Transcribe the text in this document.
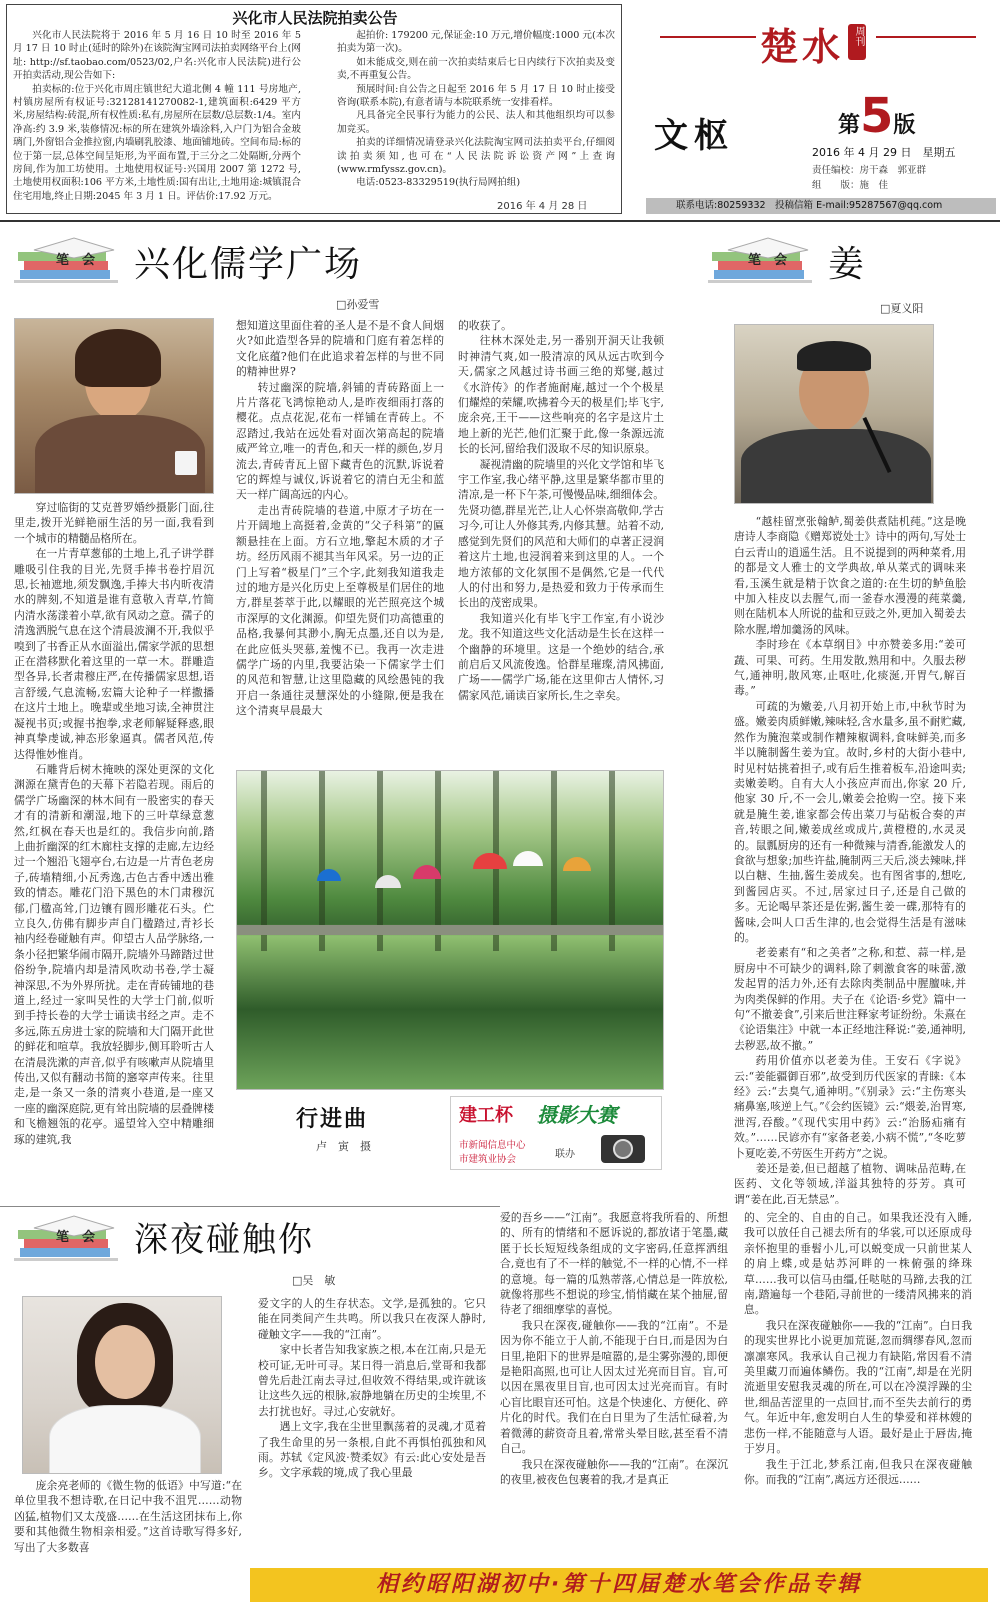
兴化市人民法院拍卖公告

兴化市人民法院将于 2016 年 5 月 16 日 10 时至 2016 年 5 月 17 日 10 时止(延时的除外)在该院淘宝网司法拍卖网络平台上(网址: http://sf.taobao.com/0523/02,户名:兴化市人民法院)进行公开拍卖活动,现公告如下:

拍卖标的:位于兴化市周庄镇世纪大道北侧 4 幢 111 号房地产,村镇房屋所有权证号:32128141270082-1,建筑面积:6429 平方米,房屋结构:砖混,所有权性质:私有,房屋所在层数/总层数:1/4。室内净高:约 3.9 米,装修情况:标的所在建筑外墙涂料,入户门为铝合金玻璃门,外窗铝合金推拉窗,内墙刷乳胶漆、地面铺地砖。空间布局:标的位于第一层,总体空间呈矩形,为平面布置,于三分之二处隔断,分两个房间,作为加工坊使用。土地使用权证号:兴国用 2007 第 1272 号,土地使用权面积:106 平方米,土地性质:国有出让,土地用途:城镇混合住宅用地,终止日期:2045 年 3 月 1 日。评估价:17.92 万元。

起拍价: 179200 元,保证金:10 万元,增价幅度:1000 元(本次拍卖为第一次)。

如未能成交,则在前一次拍卖结束后七日内续行下次拍卖及变卖,不再重复公告。

预展时间:自公告之日起至 2016 年 5 月 17 日 10 时止接受咨询(联系本院),有意者请与本院联系统一安排看样。

凡具备完全民事行为能力的公民、法人和其他组织均可以参加竞买。

拍卖的详细情况请登录兴化法院淘宝网司法拍卖平台,仔细阅读拍卖须知,也可在“人民法院诉讼资产网”上查询(www.rmfyssz.gov.cn)。

电话:0523-83329519(执行局网拍组)

2016 年 4 月 28 日
楚水 周刊
文枢	第5版
2016 年 4 月 29 日　星期五
责任编校：房干森　郭亚群
组　　版：施　佳
联系电话:80259332　投稿信箱 E-mail:95287567@qq.com
笔　会 兴化儒学广场
□孙爱雪

穿过临街的艾克普罗婚纱摄影门面,往里走,拨开光鲜艳丽生活的另一面,我看到一个城市的精髓品格所在。

在一片青草葱郁的土地上,孔子讲学群雕吸引住我的目光,先贤手捧书卷拧眉沉思,长袖遮地,须发飘逸,手捧大书内昕夜清水的牌刻,不知道是谁有意敬入青草,竹简内清水荡漾着小草,欲有风动之意。孺子的清逸洒脱气息在这个清晨波澜不开,我似乎嗅到了书香正从水面溢出,儒家学派的思想正在潜移默化着这里的一草一木。群雕造型各异,长者肃穆庄严,在传播儒家思想,语言舒缓,气息流畅,宏篇大论种子一样撒播在这片土地上。晚辈或坐地习读,全神贯注凝视书页;或握书抱拳,求老师解疑释惑,眼神真挚虔诚,神态形象逼真。儒者风范,传达得惟妙惟肖。

石雕背后树木掩映的深处更深的文化渊源在黛青色的天幕下若隐若现。雨后的儒学广场幽深的林木间有一股密实的春天才有的清新和潮湿,地下的三叶草绿意葱然,红枫在春天也是红的。我信步向前,踏上曲折幽深的红木廊柱支撑的走廊,左边经过一个翘沿飞翅亭台,右边是一片青色老房子,砖墙精细,小瓦秀逸,古色古香中透出雅致的情态。雕花门沿下黑色的木门肃穆沉郁,门楹高耸,门边镶有圆形雕花石头。伫立良久,仿佛有脚步声自门楹踏过,青衫长袖内经卷碰触有声。仰望古人品学脉络,一条小径把繁华闹市隔开,院墙外马蹄踏过世俗纷争,院墙内却是清风吹动书卷,学士凝神深思,不为外界所扰。走在青砖铺地的巷道上,经过一家叫吴性的大学士门前,似听到手持长卷的大学士诵读书经之声。走不多远,陈五房进士家的院墙和大门隔开此世的鲜花和喧草。我放轻脚步,侧耳聆听古人在清晨洗漱的声音,似乎有咳嗽声从院墙里传出,又似有翻动书简的窸窣声传来。往里走,是一条又一条的清爽小巷道,是一座又一座的幽深庭院,更有耸出院墙的层叠牌楼和飞檐翘瓴的花亭。遥望耸入空中精雕细琢的建筑,我

想知道这里面住着的圣人是不是不食人间烟火?如此造型各异的院墙和门庭有着怎样的文化底蕴?他们在此追求着怎样的与世不同的精神世界?

转过幽深的院墙,斜铺的青砖路面上一片片落花飞鸿惊艳动人,是昨夜细雨打落的樱花。点点花泥,花布一样铺在青砖上。不忍踏过,我站在远处看对面次第高起的院墙威严耸立,唯一的青色,和天一样的颜色,岁月流去,青砖青瓦上留下藏青色的沉默,诉说着它的辉煌与诚仪,诉说着它的清白无尘和蓝天一样广阔高远的内心。

走出青砖院墙的巷道,中原才子坊在一片开阔地上高挺着,金黄的“父子科第”的匾额悬挂在上面。方石立地,擎起木质的才子坊。经历风雨不褪其当年风采。另一边的正门上写着“极星门”三个字,此刻我知道我走过的地方是兴化历史上至尊极星们居住的地方,群星荟萃于此,以耀眼的光芒照亮这个城市深厚的文化渊源。仰望先贤们功高德重的品格,我暴何其渺小,胸无点墨,还自以为是,在此应低头哭慕,羞愧不已。我再一次走进儒学广场的内里,我要沾染一下儒家学士们的风范和智慧,让这里隐藏的风绘愚钝的我开启一条通往灵慧深处的小缝隙,便是我在这个清爽早晨最大

的收获了。

往林木深处走,另一番别开洞天让我顿时神清气爽,如一股清凉的风从远古吹到今天,儒家之风越过诗书画三绝的郑燮,越过《水浒传》的作者施耐庵,越过一个个极星们耀煌的荣耀,吹拂着今天的极星们;毕飞宇,庞余亮,王干——这些响亮的名字是这片土地上新的光芒,他们汇聚于此,像一条源远流长的长河,留给我们汲取不尽的知识原泉。

凝视清幽的院墙里的兴化文学馆和毕飞宇工作室,我心绪平静,这里是繁华都市里的清凉,是一杯下午茶,可慢慢品味,细细体会。先贤功德,群星光芒,让人心怀崇高敬仰,学古习今,可让人外修其秀,内修其慧。站着不动,感觉到先贤们的风范和大师们的卓著正浸润着这片土地,也浸润着来到这里的人。一个地方浓郁的文化氛围不是偶然,它是一代代人的付出和努力,是热爱和致力于传承而生长出的茂密成果。

我知道兴化有毕飞宇工作室,有小说沙龙。我不知道这些文化活动是生长在这样一个幽静的环境里。这是一个绝妙的结合,承前启后又风流俊逸。恰群星璀璨,清风拂面,广场——儒学广场,能在这里仰古人情怀,习儒家风范,诵读百家所长,生之幸矣。

行进曲
卢　寅　摄
建工杯 摄影大赛
市新闻信息中心
市建筑业协会	联办
笔　会 姜
□夏义阳

“越桂留烹张翰鲈,蜀姜供煮陆机莼。”这是晚唐诗人李商隐《赠郑谠处士》诗中的两句,写处士白云青山的逍遥生活。且不说提到的两种菜肴,用的都是文人雅士的文学典故,单从菜式的调味来看,玉溪生就是精于饮食之道的:在生切的鲈鱼脍中加入桂皮以去腥气,而一釜春水漫漫的莼菜羹,则在陆机本人所说的盐和豆豉之外,更加入蜀姜去除水腥,增加羹汤的风味。

李时珍在《本草纲目》中亦赞姜多用:“姜可蔬、可果、可药。生用发散,熟用和中。久服去秽气,通神明,散风寒,止呕吐,化痰涎,开胃气,解百毒。”

可疏的为嫩姜,八月初开始上市,中秋节时为盛。嫩姜肉质鲜嫩,辣味轻,含水量多,虽不耐贮藏,然作为腌泡菜或制作糟辣椒调料,食味鲜美,而多半以腌制酱生姜为宜。故时,乡村的大街小巷中,时见村姑挑着担子,或有后生推着板车,沿途叫卖;卖嫩姜哟。自有大人小孩应声而出,你家 20 斤,他家 30 斤,不一会儿,嫩姜会抢购一空。接下来就是腌生姜,谁家都会传出菜刀与砧板合奏的声音,转眼之间,嫩姜成丝或成片,黄橙橙的,水灵灵的。鼠瓢厨房的还有一种微辣与清香,能激发人的食欲与想象;加些许盐,腌制两三天后,淡去辣味,拌以白糖、生抽,酱生姜成矣。也有图省事的,想吃,到酱园店买。不过,居家过日子,还是自己做的多。无论喝早茶还是佐粥,酱生姜一碟,那特有的酱味,会叫人口舌生津的,也会觉得生活是有滋味的。

老姜素有“和之美者”之称,和惹、蒜一样,是厨房中不可缺少的调料,除了刺激食客的味蕾,激发起胃的活力外,还有去除肉类制品中腥膻味,并为肉类保鲜的作用。夫子在《论语·乡党》篇中一句“不撤姜食”,引来后世注释家考证纷纷。朱熹在《论语集注》中就一本正经地注释说:“姜,通神明,去秽恶,故不撤。”

药用价值亦以老姜为佳。王安石《字说》云:“姜能疆御百邪”,故受到历代医家的青睐:《本经》云:“去臭气,通神明。”《别录》云:“主伤寒头痛鼻塞,咳逆上气。”《会约医镜》云:“煨姜,治胃寒,泄泻,吞酸。”《现代实用中药》云:“治肠疝痛有效。”……民谚亦有“家备老姜,小病不慌”,“冬吃萝卜夏吃姜,不劳医生开药方”之说。

姜还是姜,但已超越了植物、调味品范畴,在医药、文化等领域,洋溢其独特的芬芳。真可谓“姜在此,百无禁忌”。

笔　会 深夜碰触你
□吴　敏

庞余亮老师的《微生物的低语》中写道:“在单位里我不想诗歌,在日记中我不沮咒……动物凶猛,植物们又太茂盛……在生活这团抹布上,你要和其他微生物相亲相爱。”这首诗歌写得多好,写出了大多数喜

爱文字的人的生存状态。文学,是孤独的。它只能在同类间产生共鸣。所以我只在夜深人静时,碰触文字——我的“江南”。

家中长者告知我家族之根,本在江南,只是无校可证,无叶可寻。某日得一消息后,堂哥和我都曾先后赴江南去寻过,但收效不得结果,或许就该让这些久远的根脉,寂静地躺在历史的尘埃里,不去打扰也好。寻过,心安就好。

遇上文字,我在尘世里飘荡着的灵魂,才觅着了我生命里的另一条根,自此不再惧怕孤独和风雨。苏轼《定风波·赞柔奴》有云:此心安处是吾乡。文字承载的境,成了我心里最

爱的吾乡——“江南”。我愿意将我所看的、所想的、所有的情绪和不愿诉说的,都放诸于笔墨,藏匿于长长短短线条组成的文字密码,任意挥洒组合,竟也有了不一样的触觉,不一样的心情,不一样的意境。每一篇的瓜熟蒂落,心情总是一阵放松,就像将那些不想说的珍宝,悄悄藏在某个抽屉,留待老了细细摩挲的喜悦。

我只在深夜,碰触你——我的“江南”。不是因为你不能立于人前,不能现于白日,而是因为白日里,艳阳下的世界是喧嚣的,是尘雾弥漫的,即便是艳阳高照,也可让人因太过光亮而目盲。盲,可以因在黑夜里目盲,也可因太过光亮而盲。有时心盲比眼盲还可怕。这是个快速化、方便化、碎片化的时代。我们在白日里为了生活忙碌着,为着微薄的薪资奇且着,常常头晕目眩,甚至看不清自己。

我只在深夜碰触你——我的“江南”。在深沉的夜里,被夜色包裹着的我,才是真正

的、完全的、自由的自己。如果我还没有入睡,我可以放任自己褪去所有的华裳,可以还原成母亲怀抱里的垂髫小儿,可以蜕变成一只前世某人的肩上蝶,或是姑苏河畔的一株俯强的绛珠草……我可以信马由缰,任哒哒的马蹄,去我的江南,踏遍每一个巷陌,寻前世的一缕清风拂来的消息。

我只在深夜碰触你——我的“江南”。白日我的现实世界比小说更加荒诞,忽而绸缪春风,忽而凛凛寒风。我承认自己视力有缺陷,常因看不清美里藏刀而遍体鳞伤。我的“江南”,却是在光阴流逝里安慰我灵魂的所在,可以在冷漠浮躁的尘世,细品苦涩里的一点回甘,而不至失去前行的勇气。年近中年,愈发明白人生的挚爱和祥林嫂的悲伤一样,不能随意与人语。最好是止于唇齿,掩于岁月。

我生于江北,梦系江南,但我只在深夜碰触你。而我的“江南”,离远方还很远……

相约昭阳湖初中·第十四届楚水笔会作品专辑
